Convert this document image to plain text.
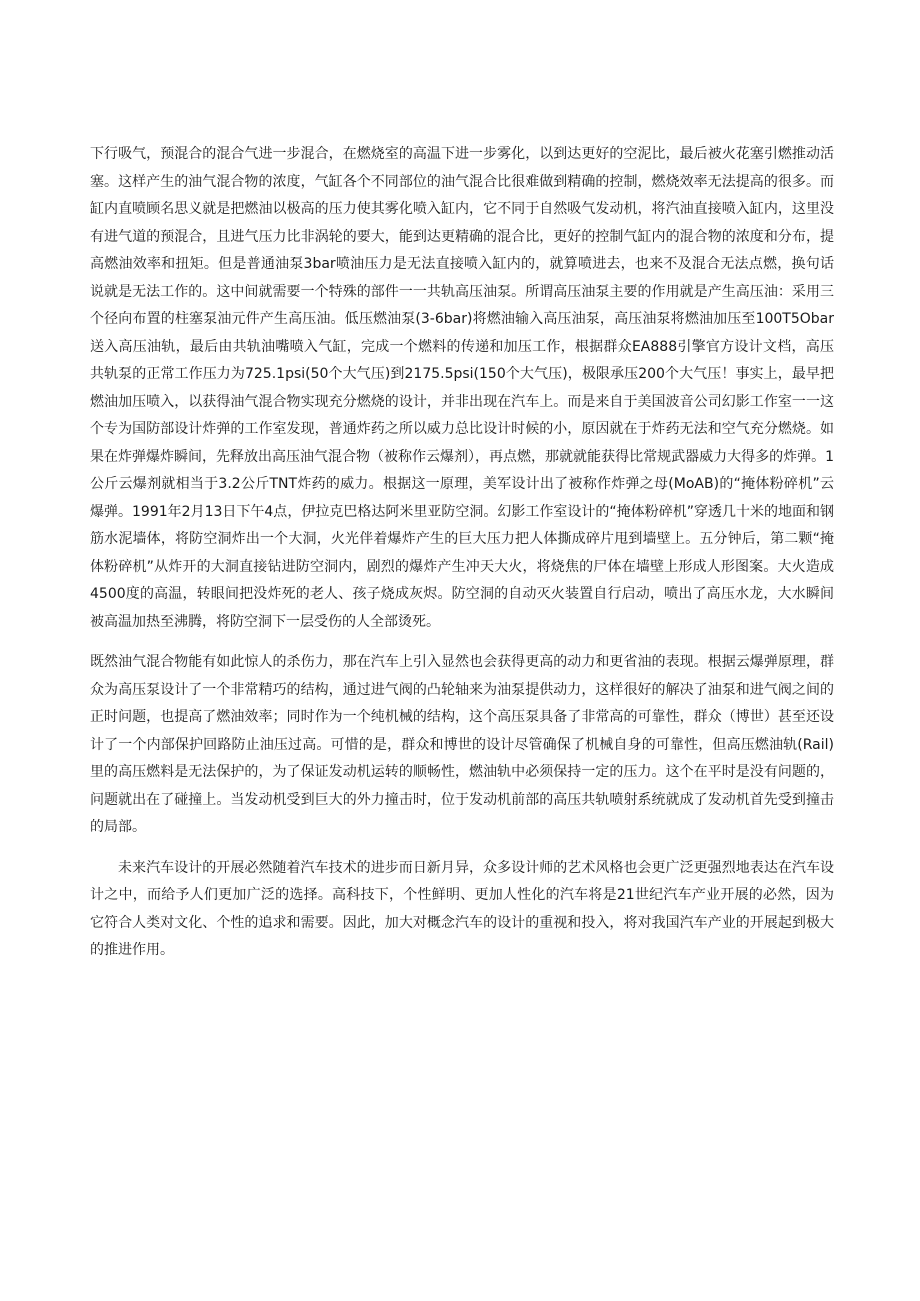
下行吸气，预混合的混合气进一步混合，在燃烧室的高温下进一步雾化，以到达更好的空泥比，最后被火花塞引燃推动活塞。这样产生的油气混合物的浓度，气缸各个不同部位的油气混合比很难做到精确的控制，燃烧效率无法提高的很多。而缸内直喷顾名思义就是把燃油以极高的压力使其雾化喷入缸内，它不同于自然吸气发动机，将汽油直接喷入缸内，这里没有进气道的预混合，且进气压力比非涡轮的要大，能到达更精确的混合比，更好的控制气缸内的混合物的浓度和分布，提高燃油效率和扭矩。但是普通油泵3bar喷油压力是无法直接喷入缸内的，就算喷进去，也来不及混合无法点燃，换句话说就是无法工作的。这中间就需要一个特殊的部件一一共轨高压油泵。所谓高压油泵主要的作用就是产生高压油：采用三个径向布置的柱塞泵油元件产生高压油。低压燃油泵(3-6bar)将燃油输入高压油泵，高压油泵将燃油加压至100T5Obar送入高压油轨，最后由共轨油嘴喷入气缸，完成一个燃料的传递和加压工作，根据群众EA888引擎官方设计文档，高压共轨泵的正常工作压力为725.1psi(50个大气压)到2175.5psi(150个大气压)，极限承压200个大气压！事实上，最早把燃油加压喷入，以获得油气混合物实现充分燃烧的设计，并非出现在汽车上。而是来自于美国波音公司幻影工作室一一这个专为国防部设计炸弹的工作室发现，普通炸药之所以威力总比设计时候的小，原因就在于炸药无法和空气充分燃烧。如果在炸弹爆炸瞬间，先释放出高压油气混合物（被称作云爆剂），再点燃，那就就能获得比常规武器威力大得多的炸弹。1公斤云爆剂就相当于3.2公斤TNT炸药的威力。根据这一原理，美军设计出了被称作炸弹之母(MoAB)的“掩体粉碎机”云爆弹。1991年2月13日下午4点，伊拉克巴格达阿米里亚防空洞。幻影工作室设计的“掩体粉碎机”穿透几十米的地面和钢筋水泥墙体，将防空洞炸出一个大洞，火光伴着爆炸产生的巨大压力把人体撕成碎片甩到墙壁上。五分钟后，第二颗“掩体粉碎机”从炸开的大洞直接钻进防空洞内，剧烈的爆炸产生冲天大火，将烧焦的尸体在墙壁上形成人形图案。大火造成4500度的高温，转眼间把没炸死的老人、孩子烧成灰烬。防空洞的自动灭火装置自行启动，喷出了高压水龙，大水瞬间被高温加热至沸腾，将防空洞下一层受伤的人全部烫死。

既然油气混合物能有如此惊人的杀伤力，那在汽车上引入显然也会获得更高的动力和更省油的表现。根据云爆弹原理，群众为高压泵设计了一个非常精巧的结构，通过进气阀的凸轮轴来为油泵提供动力，这样很好的解决了油泵和进气阀之间的正时问题，也提高了燃油效率；同时作为一个纯机械的结构，这个高压泵具备了非常高的可靠性，群众（博世）甚至还设计了一个内部保护回路防止油压过高。可惜的是，群众和博世的设计尽管确保了机械自身的可靠性，但高压燃油轨(Rail)里的高压燃料是无法保护的，为了保证发动机运转的顺畅性，燃油轨中必须保持一定的压力。这个在平时是没有问题的，问题就出在了碰撞上。当发动机受到巨大的外力撞击时，位于发动机前部的高压共轨喷射系统就成了发动机首先受到撞击的局部。

未来汽车设计的开展必然随着汽车技术的进步而日新月异，众多设计师的艺术风格也会更广泛更强烈地表达在汽车设计之中，而给予人们更加广泛的选择。高科技下，个性鲜明、更加人性化的汽车将是21世纪汽车产业开展的必然，因为它符合人类对文化、个性的追求和需要。因此，加大对概念汽车的设计的重视和投入，将对我国汽车产业的开展起到极大的推进作用。
